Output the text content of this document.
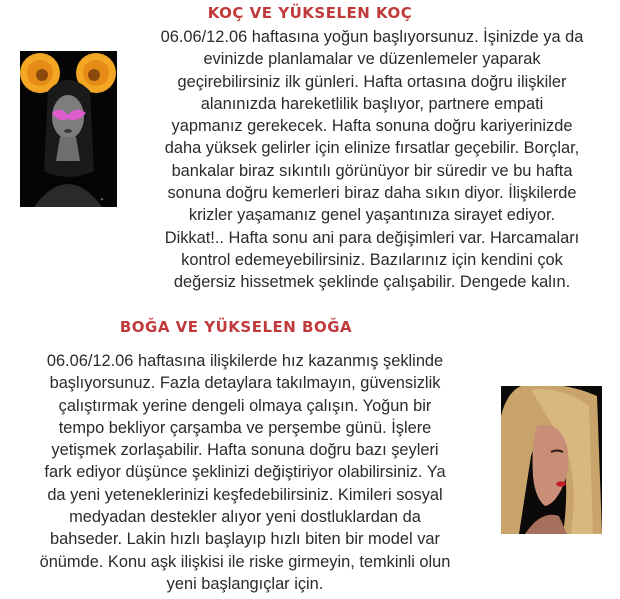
KOÇ VE YÜKSELEN KOÇ
✦
06.06/12.06 haftasına yoğun başlıyorsunuz. İşinizde ya da
evinizde planlamalar ve düzenlemeler yaparak
geçirebilirsiniz ilk günleri. Hafta ortasına doğru ilişkiler
alanınızda hareketlilik başlıyor, partnere empati
yapmanız gerekecek. Hafta sonuna doğru kariyerinizde
daha yüksek gelirler için elinize fırsatlar geçebilir. Borçlar,
bankalar biraz sıkıntılı görünüyor bir süredir ve bu hafta
sonuna doğru kemerleri biraz daha sıkın diyor. İlişkilerde
krizler yaşamanız genel yaşantınıza sirayet ediyor.
Dikkat!.. Hafta sonu ani para değişimleri var. Harcamaları
kontrol edemeyebilirsiniz. Bazılarınız için kendini çok
değersiz hissetmek şeklinde çalışabilir. Dengede kalın.
BOĞA VE YÜKSELEN BOĞA
06.06/12.06 haftasına ilişkilerde hız kazanmış şeklinde
başlıyorsunuz. Fazla detaylara takılmayın, güvensizlik
çalıştırmak yerine dengeli olmaya çalışın. Yoğun bir
tempo bekliyor çarşamba ve perşembe günü. İşlere
yetişmek zorlaşabilir. Hafta sonuna doğru bazı şeyleri
fark ediyor düşünce şeklinizi değiştiriyor olabilirsiniz. Ya
da yeni yeteneklerinizi keşfedebilirsiniz. Kimileri sosyal
medyadan destekler alıyor yeni dostluklardan da
bahseder. Lakin hızlı başlayıp hızlı biten bir model var
önümde. Konu aşk ilişkisi ile riske girmeyin, temkinli olun
yeni başlangıçlar için.
